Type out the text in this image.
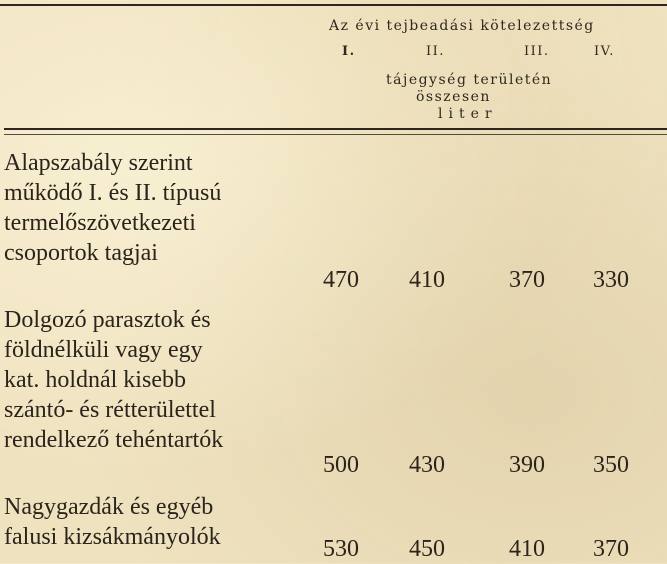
Az évi tejbeadási kötelezettség
I.	II.	III.	IV.
tájegység területén
összesen
liter
Alapszabály szerint
működő I. és II. típusú
termelőszövetkezeti
csoportok tagjai
470	410	370	330
Dolgozó parasztok és
földnélküli vagy egy
kat. holdnál kisebb
szántó- és rétterülettel
rendelkező tehéntartók
500	430	390	350
Nagygazdák és egyéb
falusi kizsákmányolók	530	450	410	370
